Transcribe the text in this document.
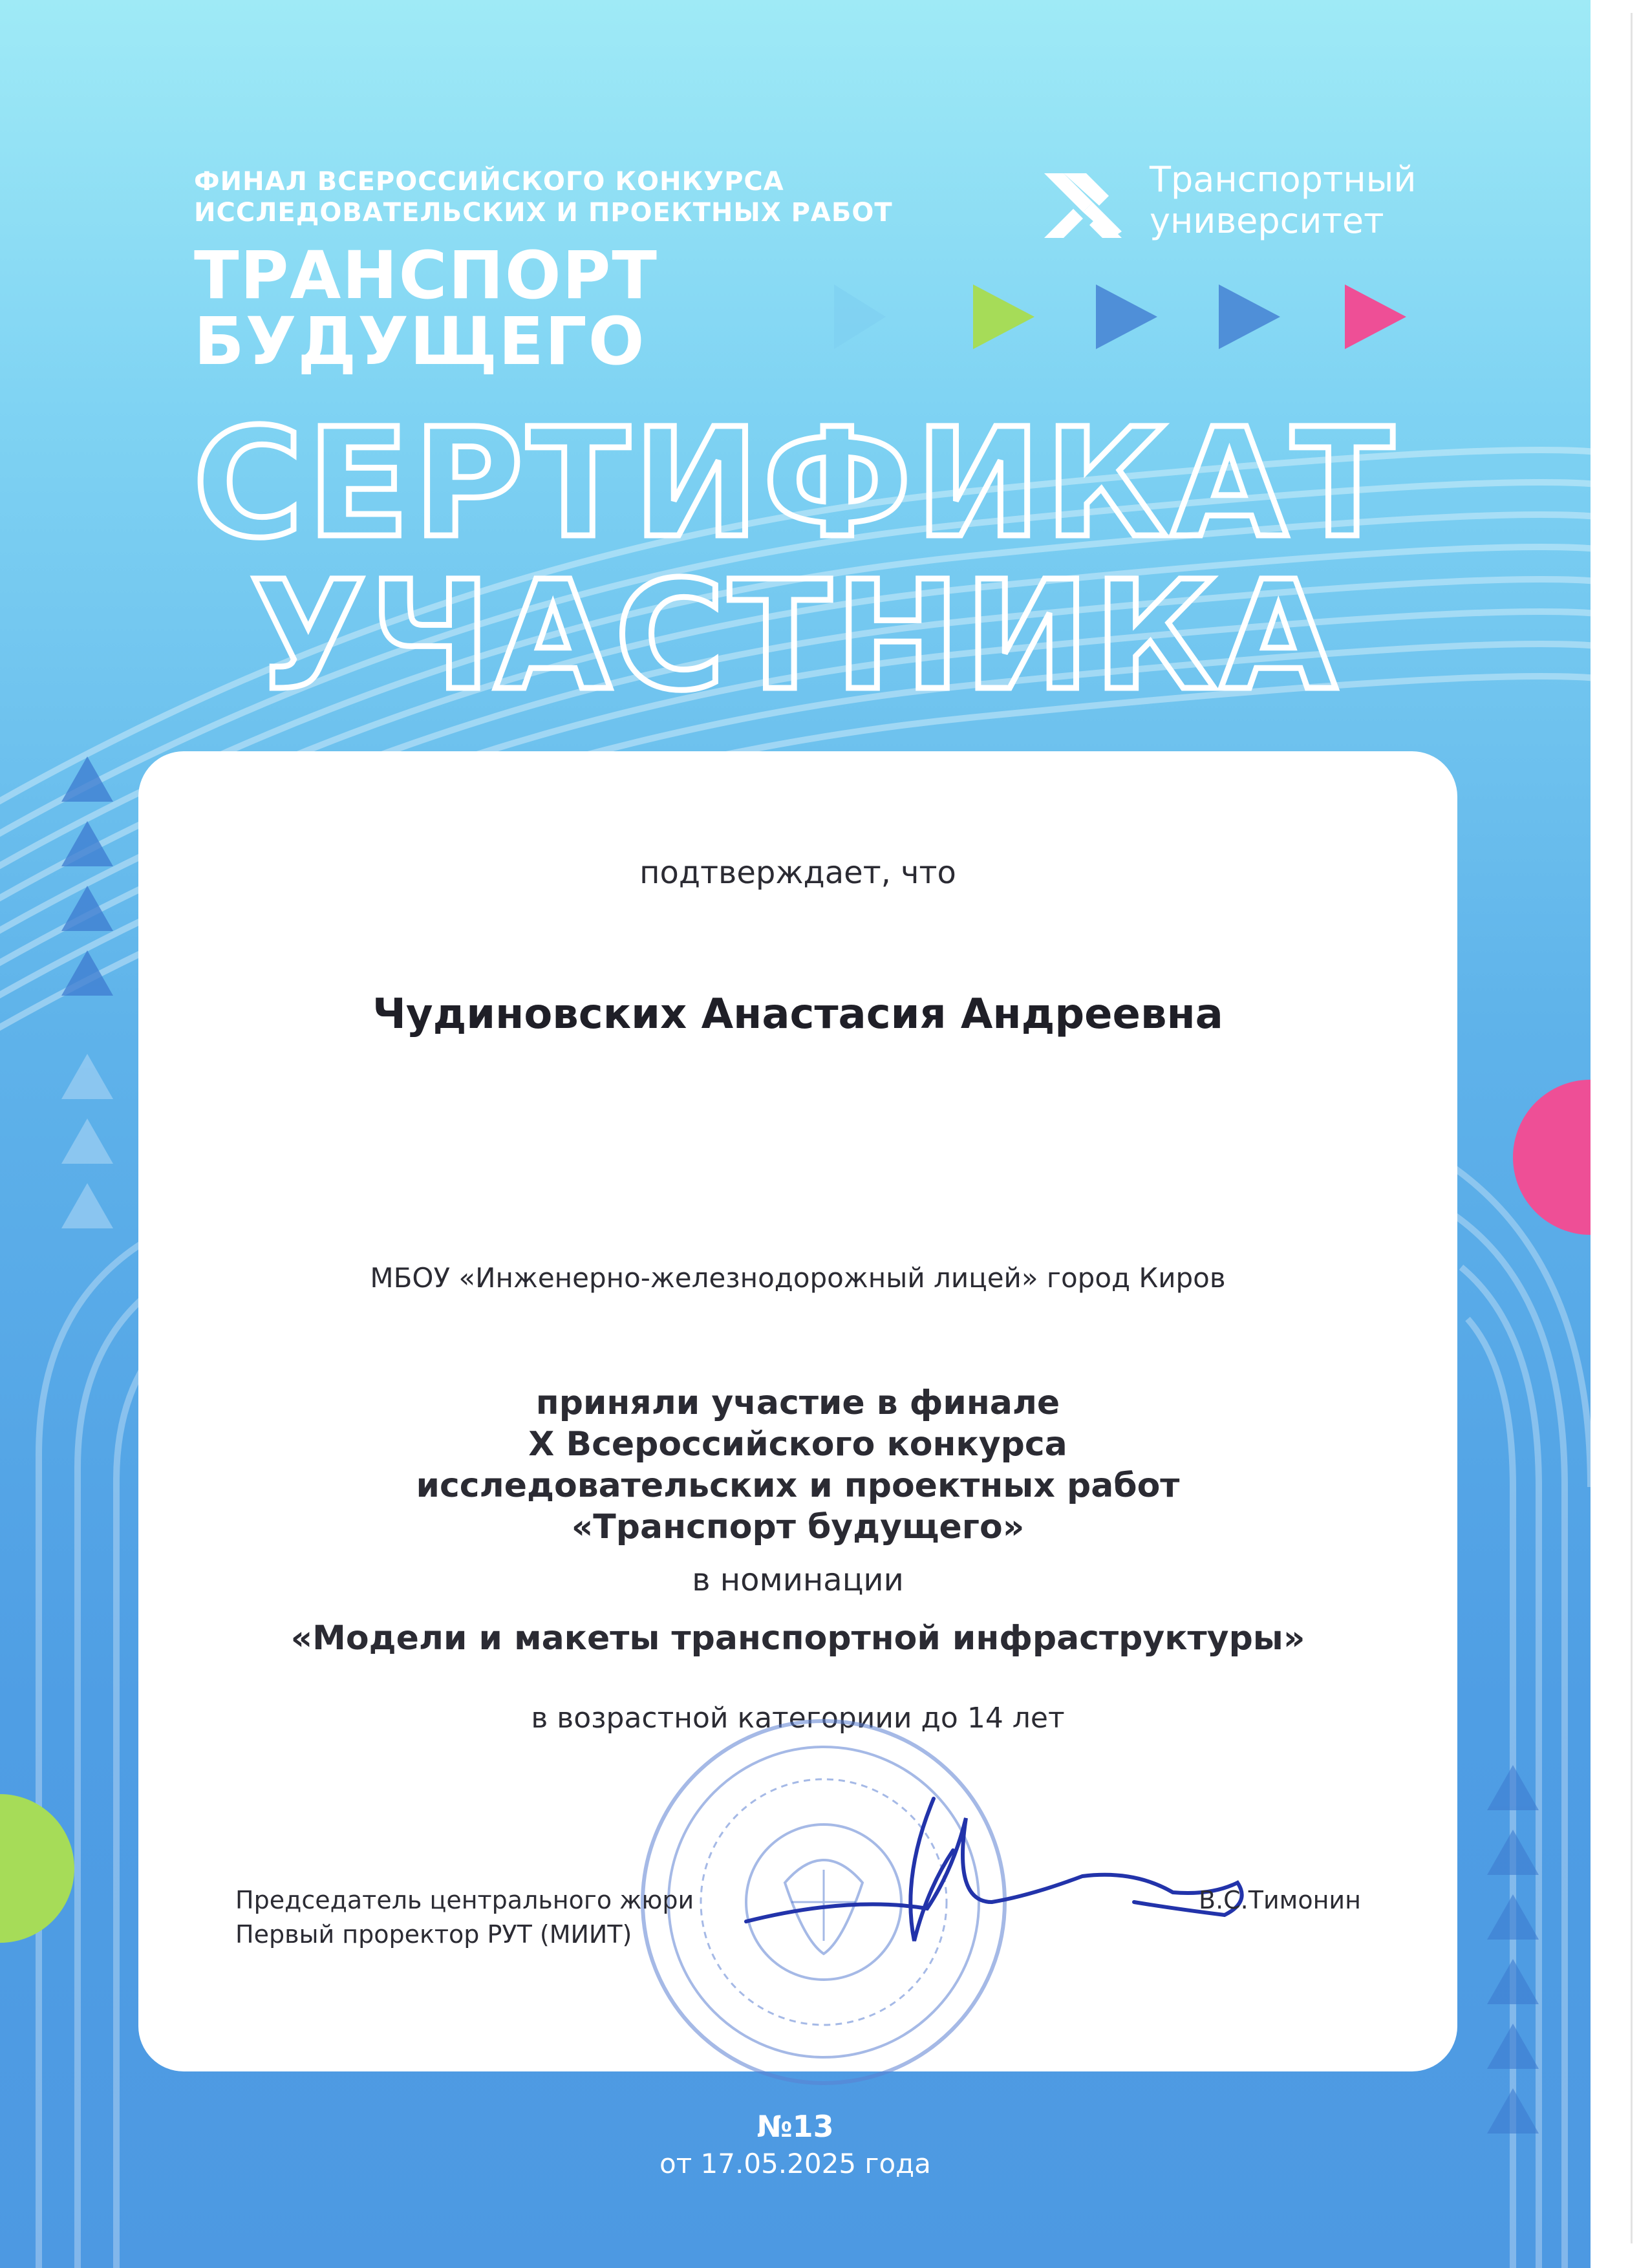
ФИНАЛ ВСЕРОССИЙСКОГО КОНКУРСА
ИССЛЕДОВАТЕЛЬСКИХ И ПРОЕКТНЫХ РАБОТ
ТРАНСПОРТ
БУДУЩЕГО
Транспортный
университет
СЕРТИФИКАТ
УЧАСТНИКА
подтверждает, что
Чудиновских Анастасия Андреевна
МБОУ «Инженерно-железнодорожный лицей» город Киров
приняли участие в финале
X Всероссийского конкурса
исследовательских и проектных работ
«Транспорт будущего»
в номинации
«Модели и макеты транспортной инфраструктуры»
в возрастной категориии до 14 лет
Председатель центрального жюри
Первый проректор РУТ (МИИТ)
В.С.Тимонин
№13
от 17.05.2025 года
